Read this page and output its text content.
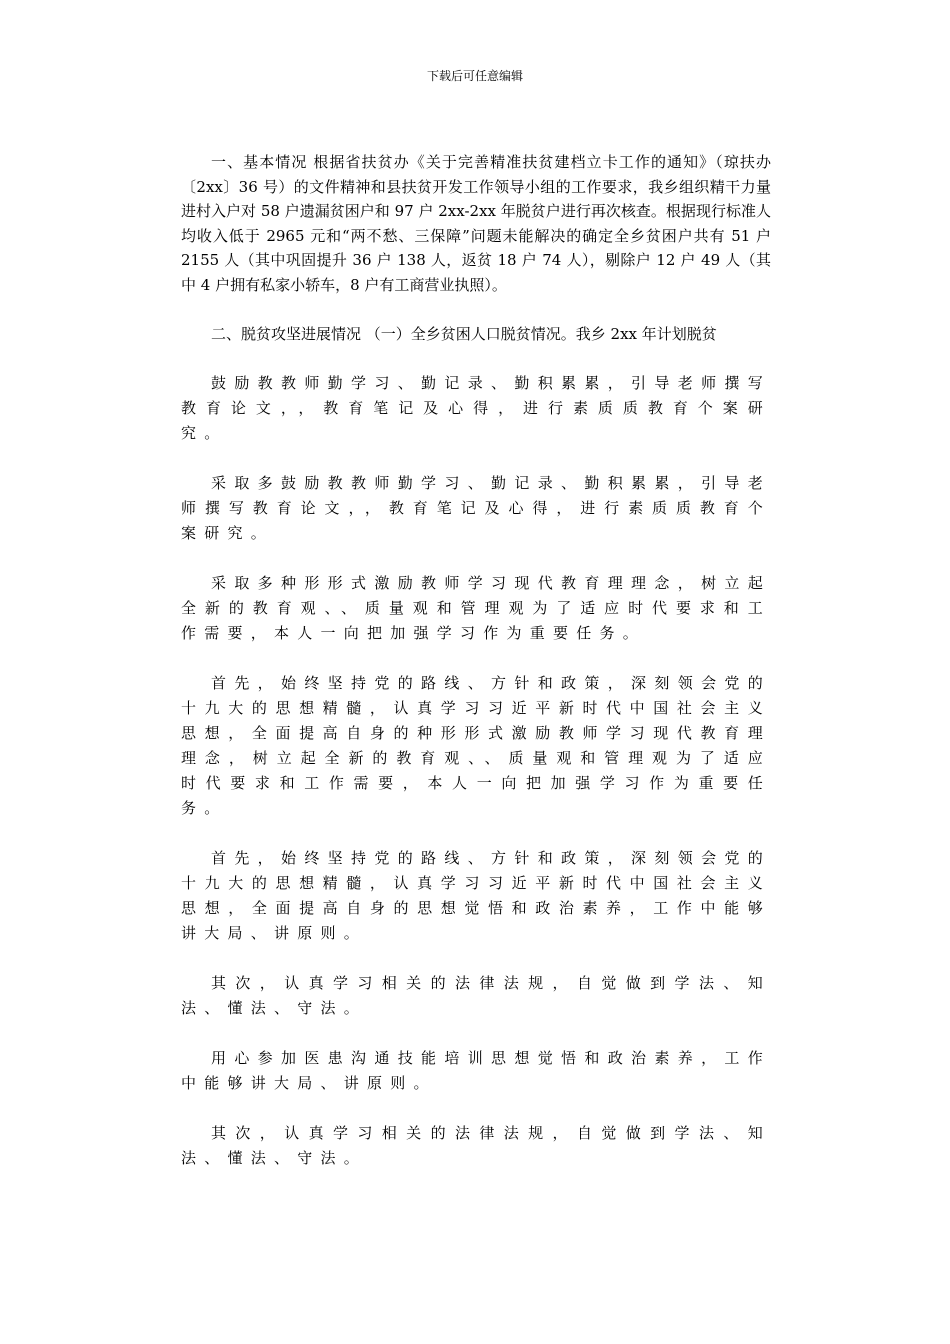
下载后可任意编辑

一、基本情况 根据省扶贫办《关于完善精准扶贫建档立卡工作的通知》（琼扶办〔2xx〕36 号）的文件精神和县扶贫开发工作领导小组的工作要求，我乡组织精干力量进村入户对 58 户遗漏贫困户和 97 户 2xx-2xx 年脱贫户进行再次核查。根据现行标准人均收入低于 2965 元和“两不愁、三保障”问题未能解决的确定全乡贫困户共有 51 户 2155 人（其中巩固提升 36 户 138 人，返贫 18 户 74 人），剔除户 12 户 49 人（其中 4 户拥有私家小轿车，8 户有工商营业执照）。

二、脱贫攻坚进展情况 （一）全乡贫困人口脱贫情况。我乡 2xx 年计划脱贫

鼓励教教师勤学习、勤记录、勤积累累，引导老师撰写教育论文，，教育笔记及心得，进行素质质教育个案研究。

采取多鼓励教教师勤学习、勤记录、勤积累累，引导老师撰写教育论文，，教育笔记及心得，进行素质质教育个案研究。

采取多种形形式激励教师学习现代教育理理念，树立起全新的教育观、、质量观和管理观为了适应时代要求和工作需要，本人一向把加强学习作为重要任务。

首先，始终坚持党的路线、方针和政策，深刻领会党的十九大的思想精髓，认真学习习近平新时代中国社会主义思想，全面提高自身的种形形式激励教师学习现代教育理理念，树立起全新的教育观、、质量观和管理观为了适应时代要求和工作需要，本人一向把加强学习作为重要任务。

首先，始终坚持党的路线、方针和政策，深刻领会党的十九大的思想精髓，认真学习习近平新时代中国社会主义思想，全面提高自身的思想觉悟和政治素养，工作中能够讲大局、讲原则。

其次，认真学习相关的法律法规，自觉做到学法、知法、懂法、守法。

用心参加医患沟通技能培训思想觉悟和政治素养，工作中能够讲大局、讲原则。

其次，认真学习相关的法律法规，自觉做到学法、知法、懂法、守法。
